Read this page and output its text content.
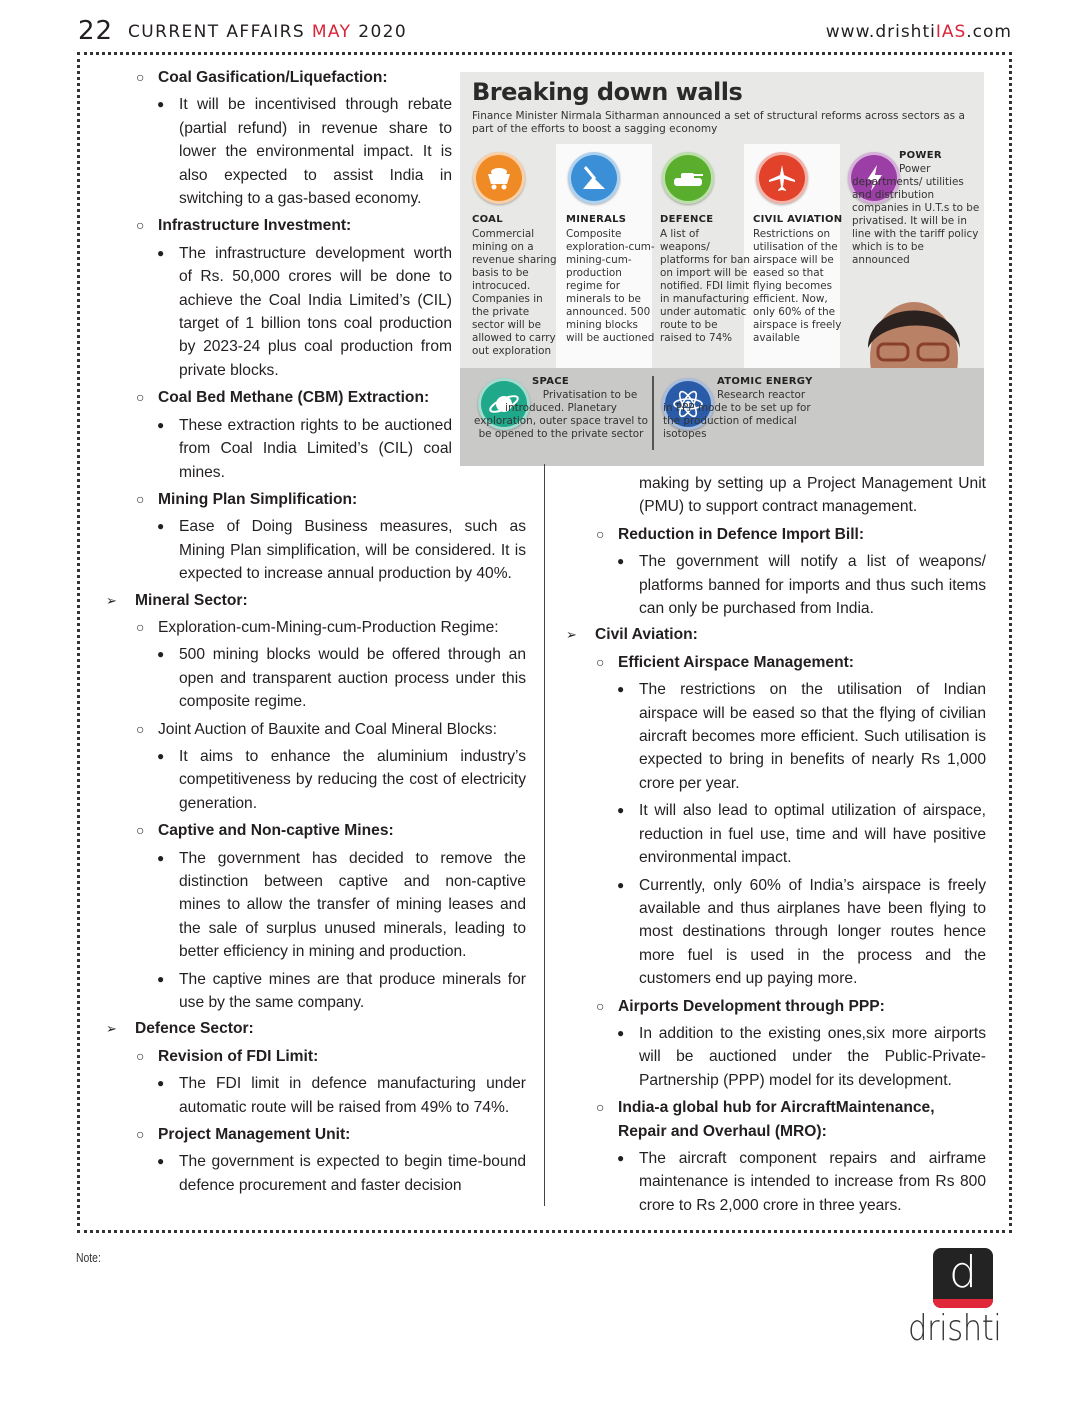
22 CURRENT AFFAIRS MAY 2020	www.drishtiIAS.com
Breaking down walls
Finance Minister Nirmala Sitharman announced a set of structural reforms across sectors as a part of the efforts to boost a sagging economy
COAL
Commercial mining on a revenue sharing basis to be introcuced. Companies in the private sector will be allowed to carry out exploration
MINERALS
Composite exploration-cum-mining-cum-production regime for minerals to be announced. 500 mining blocks will be auctioned
DEFENCE
A list of weapons/ platforms for ban on import will be notified. FDI limit in manufacturing under automatic route to be raised to 74%
CIVIL AVIATION
Restrictions on utilisation of the airspace will be eased so that flying becomes efficient. Now, only 60% of the airspace is freely available
POWER
Power departments/ utilities and distribution companies in U.T.s to be privatised. It will be in line with the tariff policy which is to be announced
SPACE
Privatisation to be introduced. Planetary exploration, outer space travel to be opened to the private sector
ATOMIC ENERGY
Research reactor in PPP mode to be set up for the production of medical isotopes
○ Coal Gasification/Liquefaction:
● It will be incentivised through rebate (partial refund) in revenue share to lower the environmental impact. It is also expected to assist India in switching to a gas-based economy.
○ Infrastructure Investment:
● The infrastructure development worth of Rs. 50,000 crores will be done to achieve the Coal India Limited’s (CIL) target of 1 billion tons coal production by 2023-24 plus coal production from private blocks.
○ Coal Bed Methane (CBM) Extraction:
● These extraction rights to be auctioned from Coal India Limited’s (CIL) coal mines.
○ Mining Plan Simplification:
● Ease of Doing Business measures, such as Mining Plan simplification, will be considered. It is expected to increase annual production by 40%.
➢ Mineral Sector:
○ Exploration-cum-Mining-cum-Production Regime:
● 500 mining blocks would be offered through an open and transparent auction process under this composite regime.
○ Joint Auction of Bauxite and Coal Mineral Blocks:
● It aims to enhance the aluminium industry’s competitiveness by reducing the cost of electricity generation.
○ Captive and Non-captive Mines:
● The government has decided to remove the distinction between captive and non-captive mines to allow the transfer of mining leases and the sale of surplus unused minerals, leading to better efficiency in mining and production.
● The captive mines are that produce minerals for use by the same company.
➢ Defence Sector:
○ Revision of FDI Limit:
● The FDI limit in defence manufacturing under automatic route will be raised from 49% to 74%.
○ Project Management Unit:
● The government is expected to begin time-bound defence procurement and faster decision
making by setting up a Project Management Unit (PMU) to support contract management.
○ Reduction in Defence Import Bill:
● The government will notify a list of weapons/ platforms banned for imports and thus such items can only be purchased from India.
➢ Civil Aviation:
○ Efficient Airspace Management:
● The restrictions on the utilisation of Indian airspace will be eased so that the flying of civilian aircraft becomes more efficient. Such utilisation is expected to bring in benefits of nearly Rs 1,000 crore per year.
● It will also lead to optimal utilization of airspace, reduction in fuel use, time and will have positive environmental impact.
● Currently, only 60% of India’s airspace is freely available and thus airplanes have been flying to most destinations through longer routes hence more fuel is used in the process and the customers end up paying more.
○ Airports Development through PPP:
● In addition to the existing ones,six more airports will be auctioned under the Public-Private-Partnership (PPP) model for its development.
○ India-a global hub for AircraftMaintenance, Repair and Overhaul (MRO):
● The aircraft component repairs and airframe maintenance is intended to increase from Rs 800 crore to Rs 2,000 crore in three years.
Note:	d
drishti
